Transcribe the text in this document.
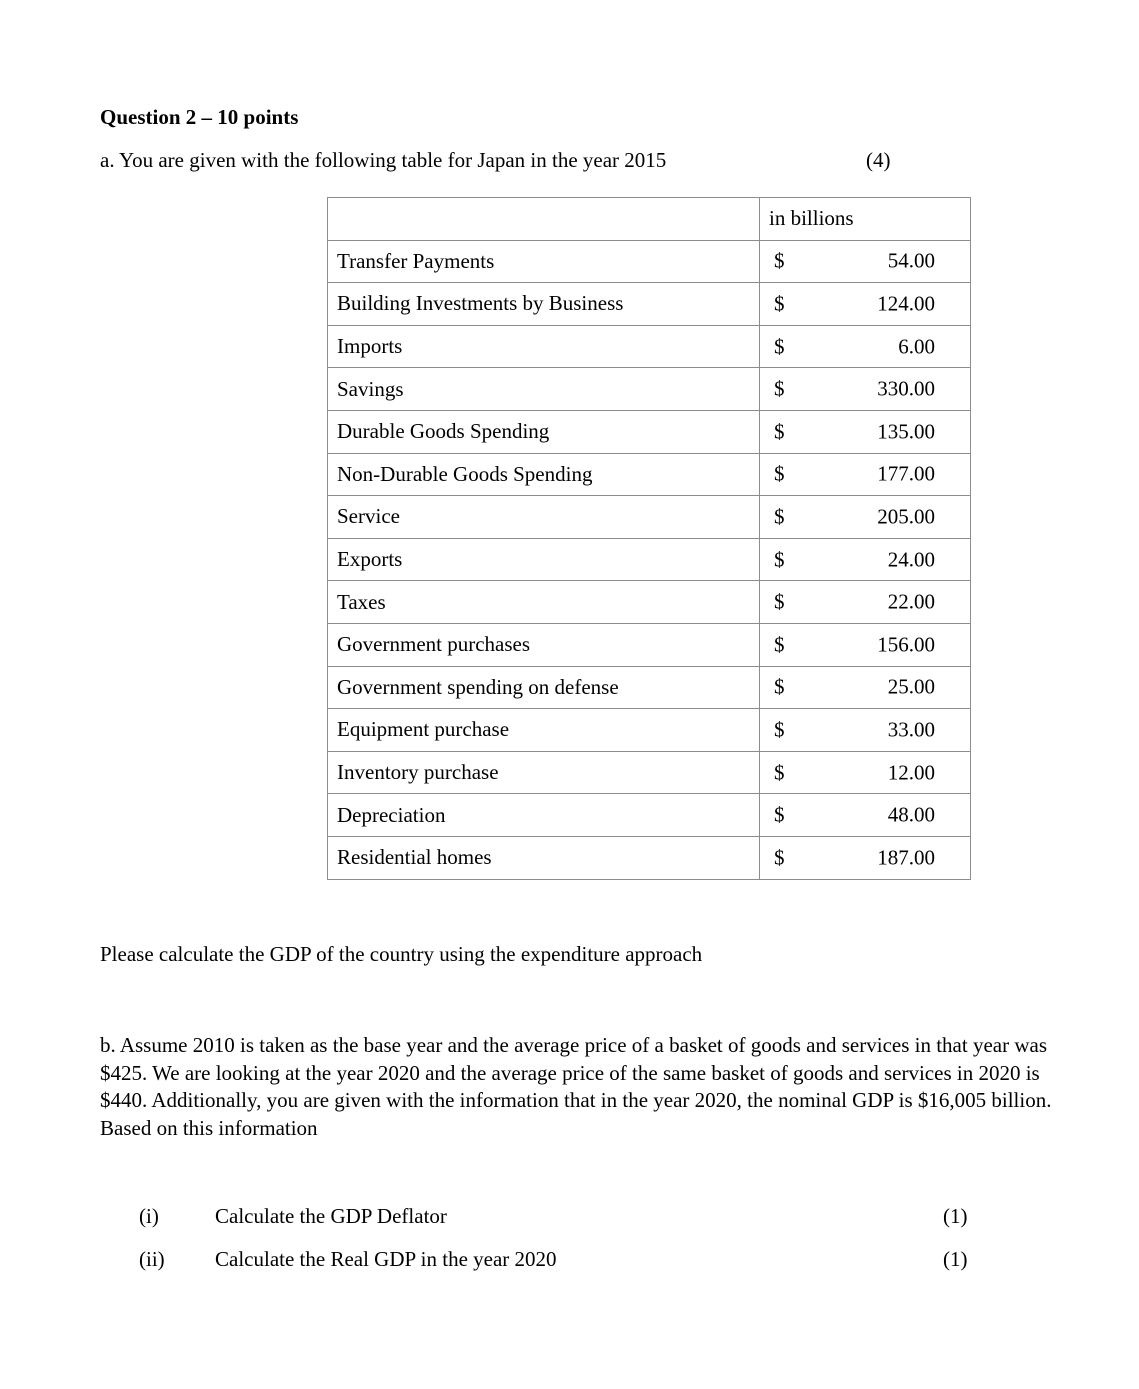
Question 2 – 10 points
a. You are given with the following table for Japan in the year 2015	(4)
	in billions
Transfer Payments	$ 54.00

Building Investments by Business	$ 124.00

Imports	$ 6.00

Savings	$ 330.00

Durable Goods Spending	$ 135.00

Non-Durable Goods Spending	$ 177.00

Service	$ 205.00

Exports	$ 24.00

Taxes	$ 22.00

Government purchases	$ 156.00

Government spending on defense	$ 25.00

Equipment purchase	$ 33.00

Inventory purchase	$ 12.00

Depreciation	$ 48.00

Residential homes	$ 187.00
Please calculate the GDP of the country using the expenditure approach
b. Assume 2010 is taken as the base year and the average price of a basket of goods and services in that year was $425. We are looking at the year 2020 and the average price of the same basket of goods and services in 2020 is $440. Additionally, you are given with the information that in the year 2020, the nominal GDP is $16,005 billion. Based on this information
(i)	Calculate the GDP Deflator	(1)
(ii) Calculate the Real GDP in the year 2020	(1)
